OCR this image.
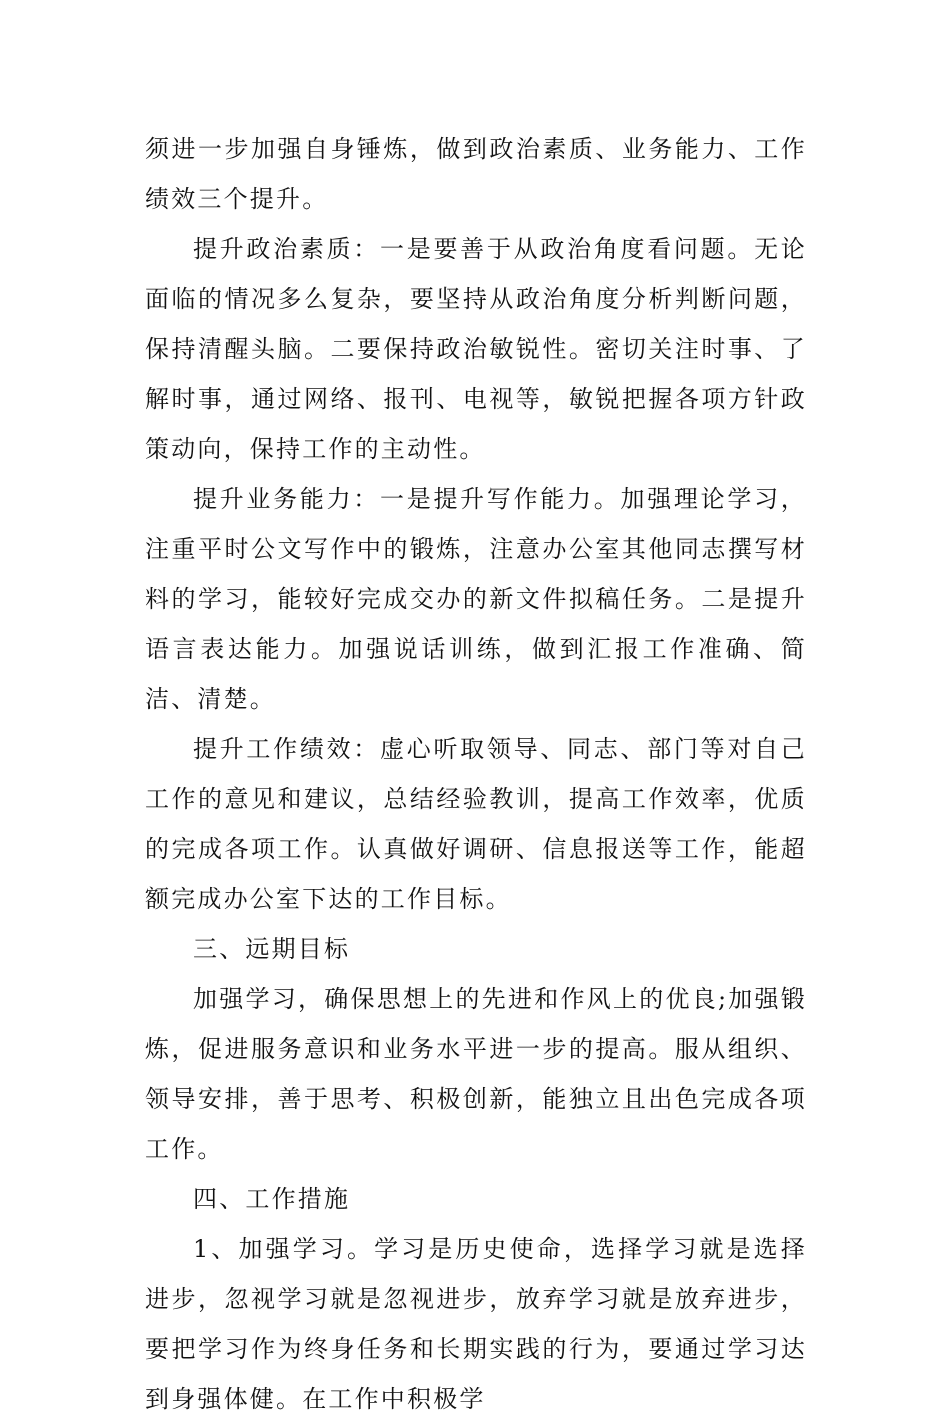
须进一步加强自身锤炼，做到政治素质、业务能力、工作绩效三个提升。

提升政治素质：一是要善于从政治角度看问题。无论面临的情况多么复杂，要坚持从政治角度分析判断问题，保持清醒头脑。二要保持政治敏锐性。密切关注时事、了解时事，通过网络、报刊、电视等，敏锐把握各项方针政策动向，保持工作的主动性。

提升业务能力：一是提升写作能力。加强理论学习，注重平时公文写作中的锻炼，注意办公室其他同志撰写材料的学习，能较好完成交办的新文件拟稿任务。二是提升语言表达能力。加强说话训练，做到汇报工作准确、简洁、清楚。

提升工作绩效：虚心听取领导、同志、部门等对自己工作的意见和建议，总结经验教训，提高工作效率，优质的完成各项工作。认真做好调研、信息报送等工作，能超额完成办公室下达的工作目标。

三、远期目标

加强学习，确保思想上的先进和作风上的优良;加强锻炼，促进服务意识和业务水平进一步的提高。服从组织、领导安排，善于思考、积极创新，能独立且出色完成各项工作。

四、工作措施

1、加强学习。学习是历史使命，选择学习就是选择进步，忽视学习就是忽视进步，放弃学习就是放弃进步，要把学习作为终身任务和长期实践的行为，要通过学习达到身强体健。在工作中积极学
